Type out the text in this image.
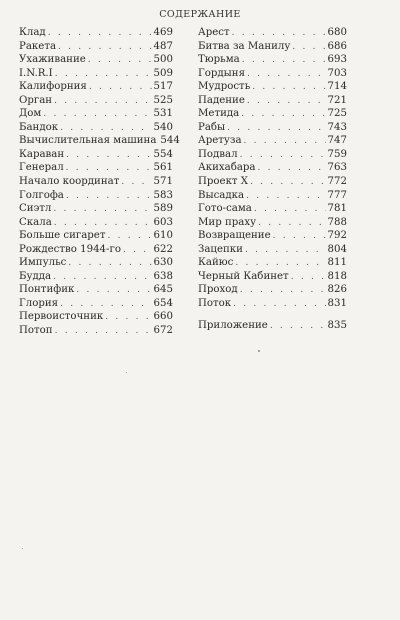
СОДЕРЖАНИЕ
Клад . . .	469
Ракета . . .	487
Ухаживание . . .	500
I.N.R.I . . .	509
Калифорния . . .	517
Орган . . .	525
Дом . . .	531
Бандок . . .	540
Вычислительная машина 544
Караван . . .	554
Генерал . . .	561
Начало координат . . .	571
Голгофа . . .	583
Сиэтл . . .	589
Скала . . .	603
Больше сигарет . . .	610
Рождество 1944-го . . .	622
Импульс . . .	630
Будда . . .	638
Понтифик . . .	645
Глория . . .	654
Первоисточник . . .	660
Потоп . . .	672
Арест . . .	680
Битва за Манилу . . .	686
Тюрьма . . .	693
Гордыня . . .	703
Мудрость . . .	714
Падение . . .	721
Метида . . .	725
Рабы . . .	743
Аретуза . . .	747
Подвал . . .	759
Акихабара . . .	763
Проект Х . . .	772
Высадка . . .	777
Гото-сама . . .	781
Мир праху . . .	788
Возвращение . . .	792
Зацепки . . .	804
Кайюс . . .	811
Черный Кабинет . . .	818
Проход . . .	826
Поток . . .	831
Приложение . . .	835
